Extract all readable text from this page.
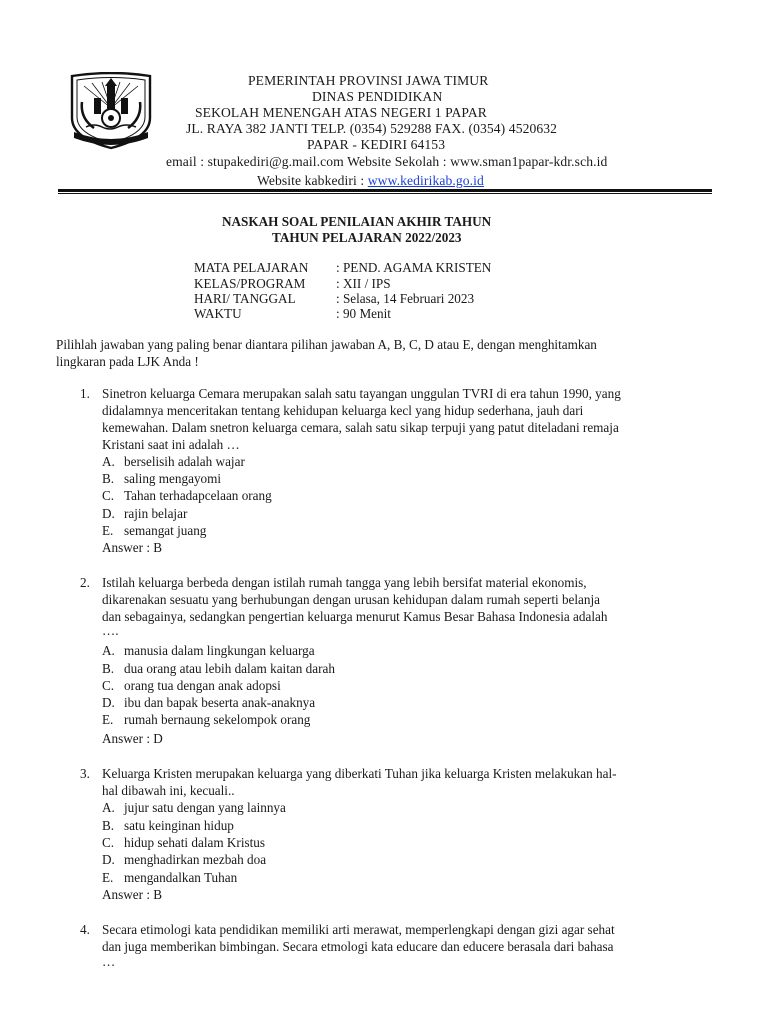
PEMERINTAH PROVINSI JAWA TIMUR
DINAS PENDIDIKAN
SEKOLAH MENENGAH ATAS NEGERI 1 PAPAR
JL. RAYA 382 JANTI TELP. (0354) 529288 FAX. (0354) 4520632
PAPAR - KEDIRI 64153
email : stupakediri@g.mail.com Website Sekolah : www.sman1papar-kdr.sch.id
Website kabkediri : www.kedirikab.go.id
NASKAH SOAL PENILAIAN AKHIR TAHUN
TAHUN PELAJARAN 2022/2023
MATA PELAJARAN : PEND. AGAMA KRISTEN
KELAS/PROGRAM : XII / IPS
HARI/ TANGGAL	: Selasa, 14 Februari 2023
WAKTU	: 90 Menit
Pilihlah jawaban yang paling benar diantara pilihan jawaban A, B, C, D atau E, dengan menghitamkan
lingkaran pada LJK Anda !
1. Sinetron keluarga Cemara merupakan salah satu tayangan unggulan TVRI di era tahun 1990, yang
didalamnya menceritakan tentang kehidupan keluarga kecl yang hidup sederhana, jauh dari
kemewahan. Dalam snetron keluarga cemara, salah satu sikap terpuji yang patut diteladani remaja
Kristani saat ini adalah …
A. berselisih adalah wajar
B. saling mengayomi
C. Tahan terhadapcelaan orang
D. rajin belajar
E. semangat juang
Answer : B
2. Istilah keluarga berbeda dengan istilah rumah tangga yang lebih bersifat material ekonomis,
dikarenakan sesuatu yang berhubungan dengan urusan kehidupan dalam rumah seperti belanja
dan sebagainya, sedangkan pengertian keluarga menurut Kamus Besar Bahasa Indonesia adalah
….
A. manusia dalam lingkungan keluarga
B. dua orang atau lebih dalam kaitan darah
C. orang tua dengan anak adopsi
D. ibu dan bapak beserta anak-anaknya
E. rumah bernaung sekelompok orang
Answer : D
3. Keluarga Kristen merupakan keluarga yang diberkati Tuhan jika keluarga Kristen melakukan hal-
hal dibawah ini, kecuali..
A. jujur satu dengan yang lainnya
B. satu keinginan hidup
C. hidup sehati dalam Kristus
D. menghadirkan mezbah doa
E. mengandalkan Tuhan
Answer : B
4. Secara etimologi kata pendidikan memiliki arti merawat, memperlengkapi dengan gizi agar sehat
dan juga memberikan bimbingan. Secara etmologi kata educare dan educere berasala dari bahasa
…
